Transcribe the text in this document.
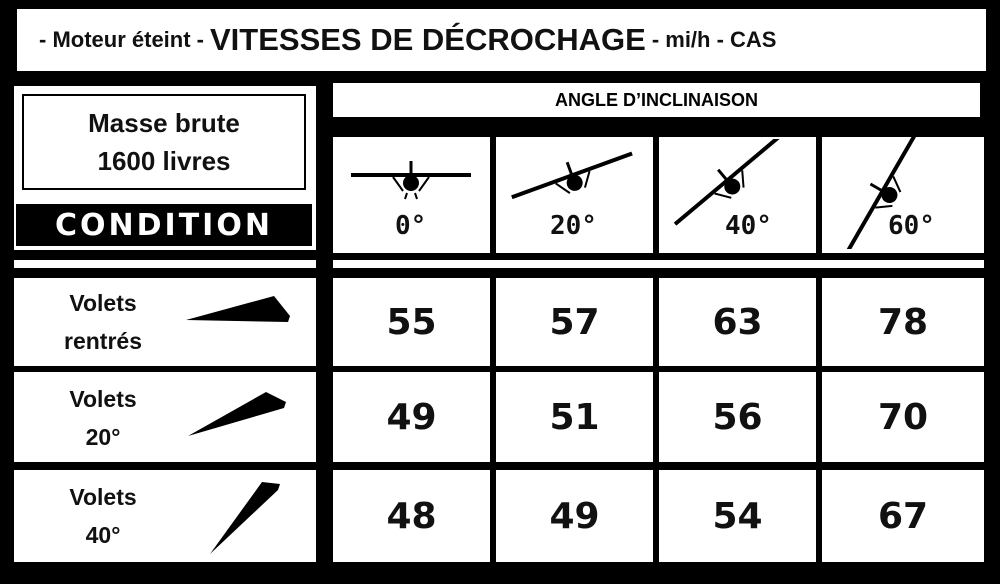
- Moteur éteint - VITESSES DE DÉCROCHAGE - mi/h - CAS
Masse brute
1600 livres
CONDITION
ANGLE D’INCLINAISON
0°	20°	40°	60°
Volets
rentrés	55	57	63	78
Volets
20°	49	51	56	70
Volets
40°	48	49	54	67
